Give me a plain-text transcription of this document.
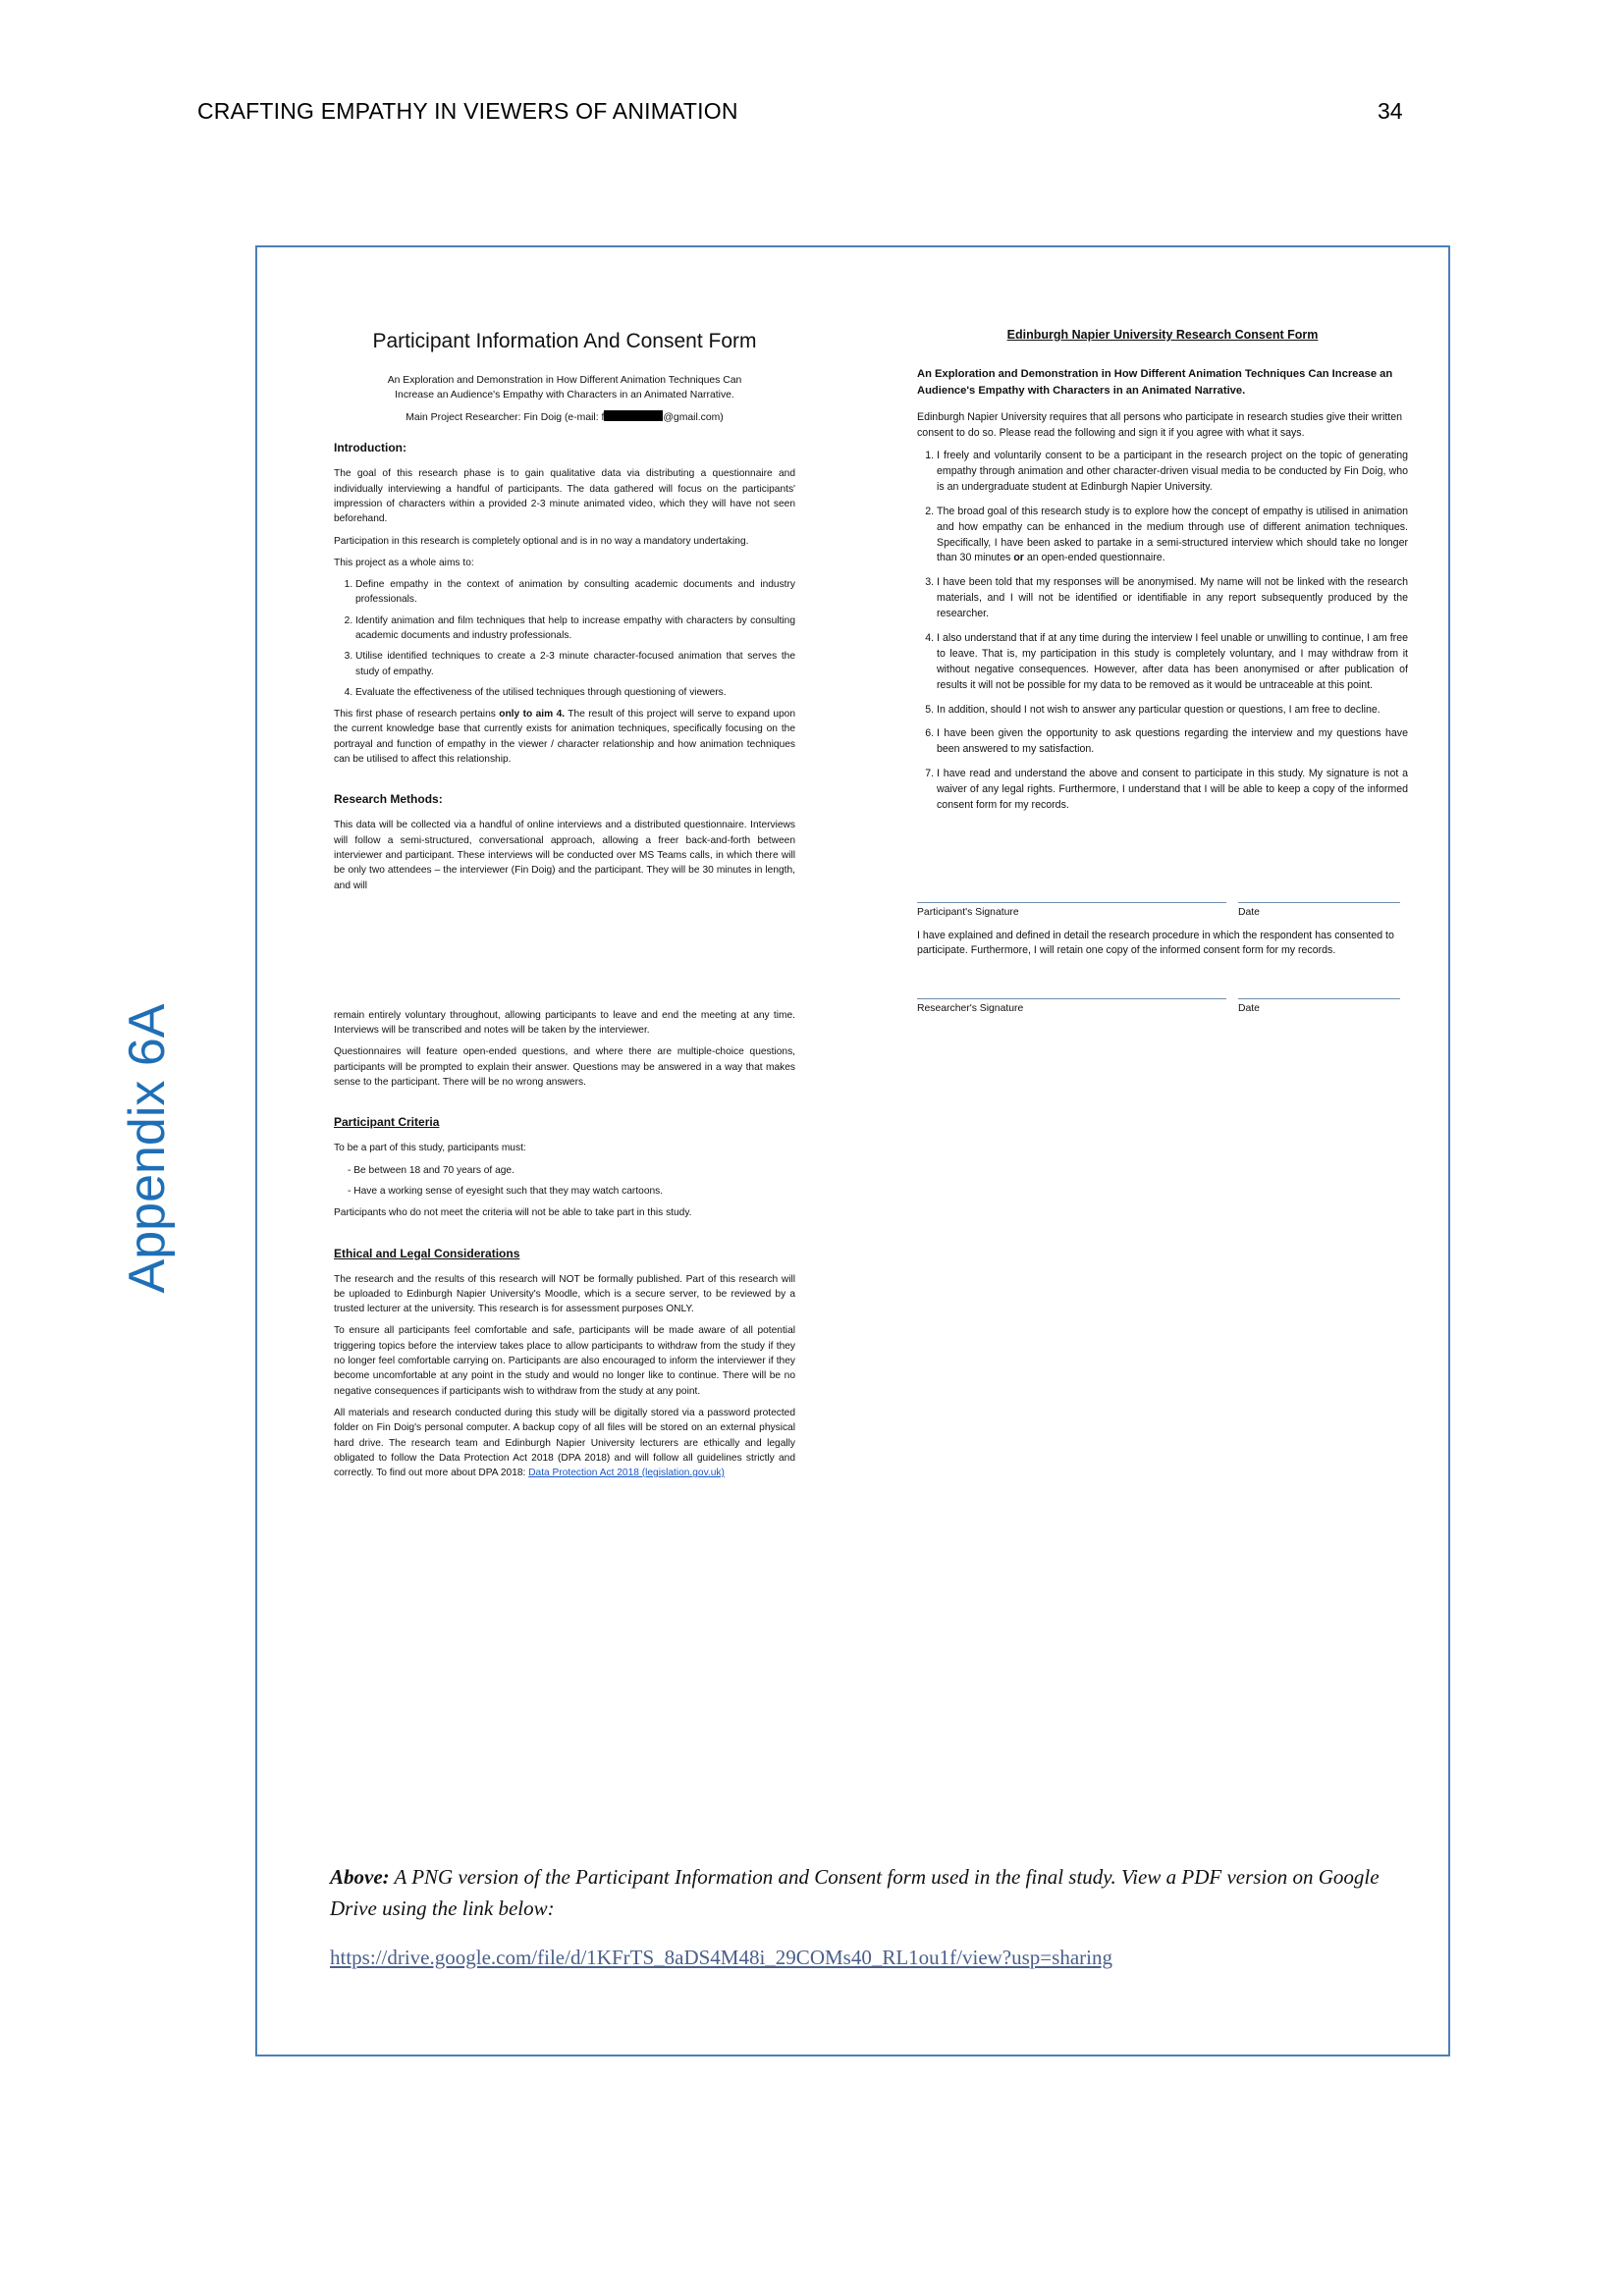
CRAFTING EMPATHY IN VIEWERS OF ANIMATION	34
Appendix 6A
Participant Information And Consent Form

An Exploration and Demonstration in How Different Animation Techniques Can
Increase an Audience's Empathy with Characters in an Animated Narrative.

Main Project Researcher: Fin Doig (e-mail: f	@gmail.com)

Introduction:

The goal of this research phase is to gain qualitative data via distributing a questionnaire and individually interviewing a handful of participants. The data gathered will focus on the participants' impression of characters within a provided 2-3 minute animated video, which they will have not seen beforehand.

Participation in this research is completely optional and is in no way a mandatory undertaking.

This project as a whole aims to:

1. Define empathy in the context of animation by consulting academic documents and industry professionals.
2. Identify animation and film techniques that help to increase empathy with characters by consulting academic documents and industry professionals.
3. Utilise identified techniques to create a 2-3 minute character-focused animation that serves the study of empathy.
4. Evaluate the effectiveness of the utilised techniques through questioning of viewers.

This first phase of research pertains only to aim 4. The result of this project will serve to expand upon the current knowledge base that currently exists for animation techniques, specifically focusing on the portrayal and function of empathy in the viewer / character relationship and how animation techniques can be utilised to affect this relationship.

Research Methods:

This data will be collected via a handful of online interviews and a distributed questionnaire. Interviews will follow a semi-structured, conversational approach, allowing a freer back-and-forth between interviewer and participant. These interviews will be conducted over MS Teams calls, in which there will be only two attendees – the interviewer (Fin Doig) and the participant. They will be 30 minutes in length, and will

remain entirely voluntary throughout, allowing participants to leave and end the meeting at any time. Interviews will be transcribed and notes will be taken by the interviewer.

Questionnaires will feature open-ended questions, and where there are multiple-choice questions, participants will be prompted to explain their answer. Questions may be answered in a way that makes sense to the participant. There will be no wrong answers.

Participant Criteria

To be a part of this study, participants must:

- Be between 18 and 70 years of age.
- Have a working sense of eyesight such that they may watch cartoons.

Participants who do not meet the criteria will not be able to take part in this study.

Ethical and Legal Considerations

The research and the results of this research will NOT be formally published. Part of this research will be uploaded to Edinburgh Napier University's Moodle, which is a secure server, to be reviewed by a trusted lecturer at the university. This research is for assessment purposes ONLY.

To ensure all participants feel comfortable and safe, participants will be made aware of all potential triggering topics before the interview takes place to allow participants to withdraw from the study if they no longer feel comfortable carrying on. Participants are also encouraged to inform the interviewer if they become uncomfortable at any point in the study and would no longer like to continue. There will be no negative consequences if participants wish to withdraw from the study at any point.

All materials and research conducted during this study will be digitally stored via a password protected folder on Fin Doig's personal computer. A backup copy of all files will be stored on an external physical hard drive. The research team and Edinburgh Napier University lecturers are ethically and legally obligated to follow the Data Protection Act 2018 (DPA 2018) and will follow all guidelines strictly and correctly. To find out more about DPA 2018: Data Protection Act 2018 (legislation.gov.uk)

Edinburgh Napier University Research Consent Form
An Exploration and Demonstration in How Different Animation Techniques Can Increase an Audience's Empathy with Characters in an Animated Narrative.

Edinburgh Napier University requires that all persons who participate in research studies give their written consent to do so. Please read the following and sign it if you agree with what it says.

1. I freely and voluntarily consent to be a participant in the research project on the topic of generating empathy through animation and other character-driven visual media to be conducted by Fin Doig, who is an undergraduate student at Edinburgh Napier University.
2. The broad goal of this research study is to explore how the concept of empathy is utilised in animation and how empathy can be enhanced in the medium through use of different animation techniques. Specifically, I have been asked to partake in a semi-structured interview which should take no longer than 30 minutes or an open-ended questionnaire.
3. I have been told that my responses will be anonymised. My name will not be linked with the research materials, and I will not be identified or identifiable in any report subsequently produced by the researcher.
4. I also understand that if at any time during the interview I feel unable or unwilling to continue, I am free to leave. That is, my participation in this study is completely voluntary, and I may withdraw from it without negative consequences. However, after data has been anonymised or after publication of results it will not be possible for my data to be removed as it would be untraceable at this point.
5. In addition, should I not wish to answer any particular question or questions, I am free to decline.
6. I have been given the opportunity to ask questions regarding the interview and my questions have been answered to my satisfaction.
7. I have read and understand the above and consent to participate in this study. My signature is not a waiver of any legal rights. Furthermore, I understand that I will be able to keep a copy of the informed consent form for my records.
Participant's Signature	Date

I have explained and defined in detail the research procedure in which the respondent has consented to participate. Furthermore, I will retain one copy of the informed consent form for my records.

Researcher's Signature	Date
Above: A PNG version of the Participant Information and Consent form used in the final study. View a PDF version on Google Drive using the link below:
https://drive.google.com/file/d/1KFrTS_8aDS4M48i_29COMs40_RL1ou1f/view?usp=sharing
